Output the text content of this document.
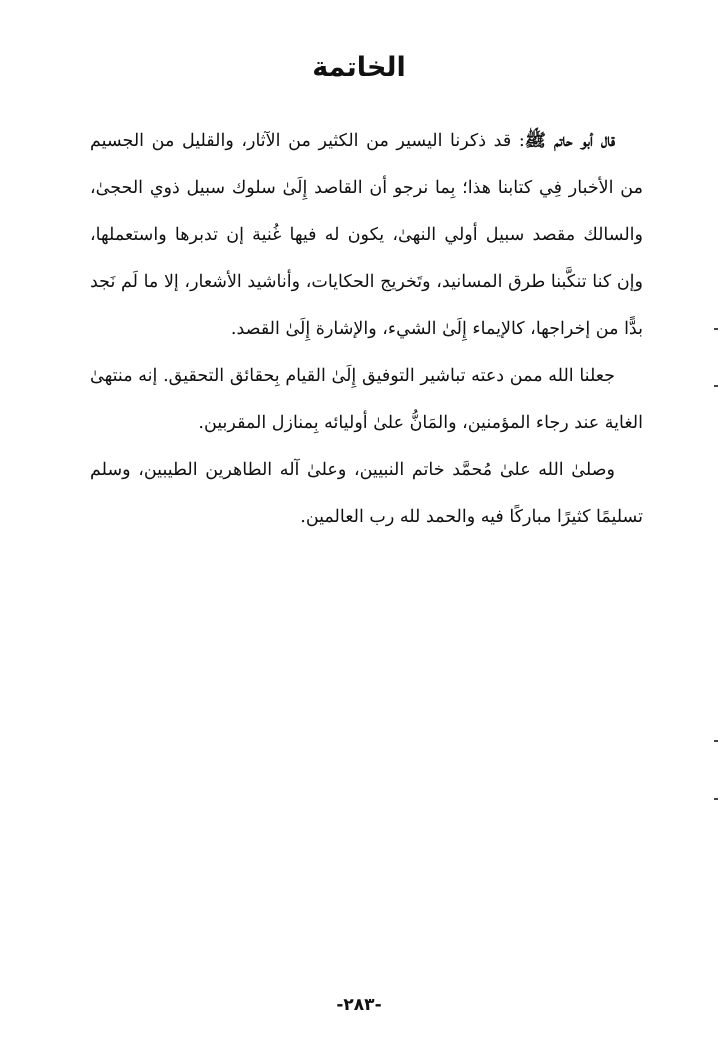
الخاتمة

قال أبو حاتم ﷺ: قد ذكرنا اليسير من الكثير من الآثار، والقليل من الجسيم من الأخبار فِي كتابنا هذا؛ بِما نرجو أن القاصد إِلَىٰ سلوك سبيل ذوي الحجىٰ، والسالك مقصد سبيل أولي النهىٰ، يكون له فيها غُنية إن تدبرها واستعملها، وإن كنا تنكَّبنا طرق المسانيد، وتَخريج الحكايات، وأناشيد الأشعار، إلا ما لَم نَجد بدًّا من إخراجها، كالإيماء إِلَىٰ الشيء، والإشارة إِلَىٰ القصد.

جعلنا الله ممن دعته تباشير التوفيق إِلَىٰ القيام بِحقائق التحقيق. إنه منتهىٰ الغاية عند رجاء المؤمنين، والمَانُّ علىٰ أوليائه بِمنازل المقربين.

وصلىٰ الله علىٰ مُحمَّد خاتم النبيين، وعلىٰ آله الطاهرين الطيبين، وسلم تسليمًا كثيرًا مباركًا فيه والحمد لله رب العالمين.

-٢٨٣-
